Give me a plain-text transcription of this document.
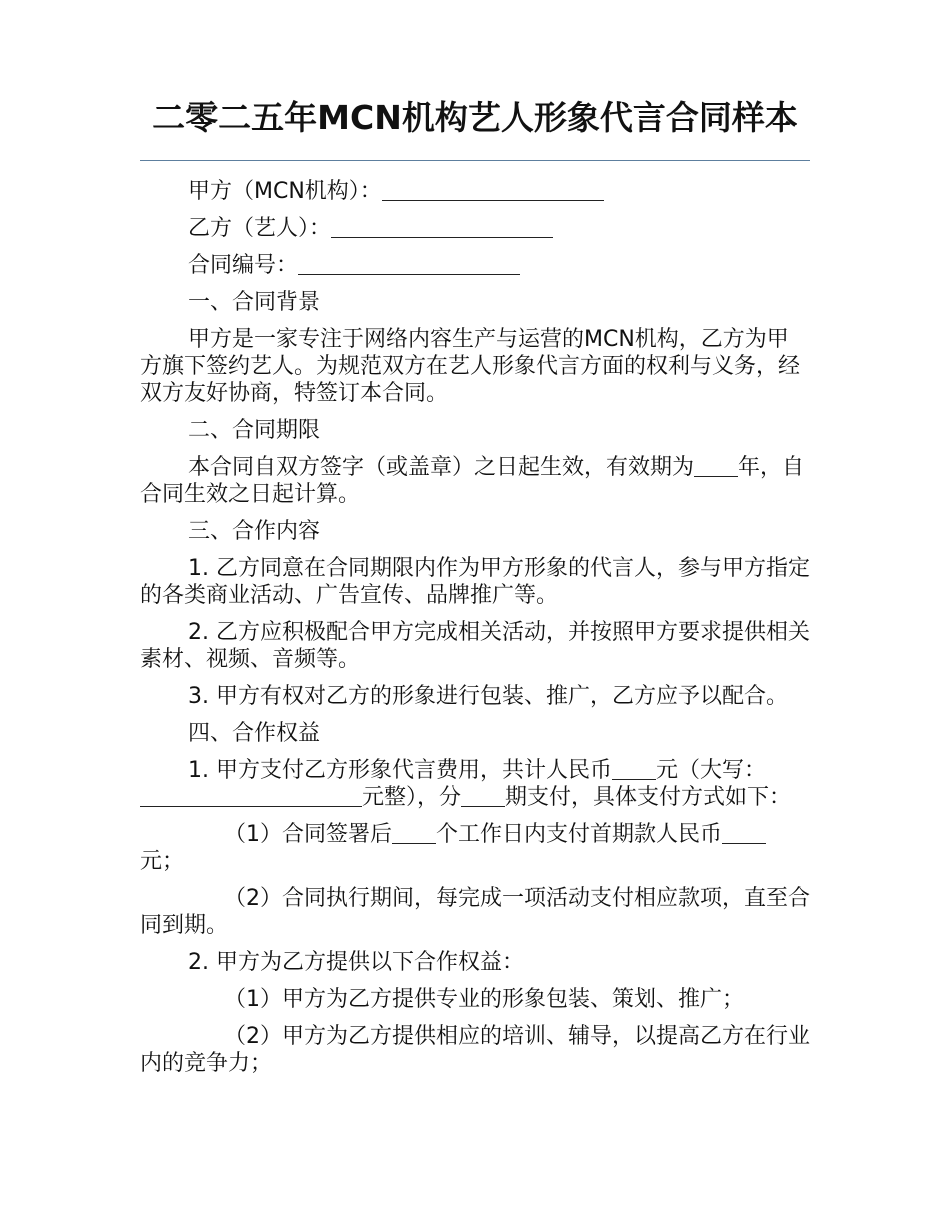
二零二五年MCN机构艺人形象代言合同样本

甲方（MCN机构）：

乙方（艺人）：

合同编号：

一、合同背景

甲方是一家专注于网络内容生产与运营的MCN机构，乙方为甲方旗下签约艺人。为规范双方在艺人形象代言方面的权利与义务，经双方友好协商，特签订本合同。

二、合同期限

本合同自双方签字（或盖章）之日起生效，有效期为 年，自合同生效之日起计算。

三、合作内容

1. 乙方同意在合同期限内作为甲方形象的代言人，参与甲方指定的各类商业活动、广告宣传、品牌推广等。

2. 乙方应积极配合甲方完成相关活动，并按照甲方要求提供相关素材、视频、音频等。

3. 甲方有权对乙方的形象进行包装、推广，乙方应予以配合。

四、合作权益

1. 甲方支付乙方形象代言费用，共计人民币 元（大写：元整），分 期支付，具体支付方式如下：

（1）合同签署后 个工作日内支付首期款人民币元；

（2）合同执行期间，每完成一项活动支付相应款项，直至合同到期。

2. 甲方为乙方提供以下合作权益：

（1）甲方为乙方提供专业的形象包装、策划、推广；

（2）甲方为乙方提供相应的培训、辅导，以提高乙方在行业内的竞争力；
